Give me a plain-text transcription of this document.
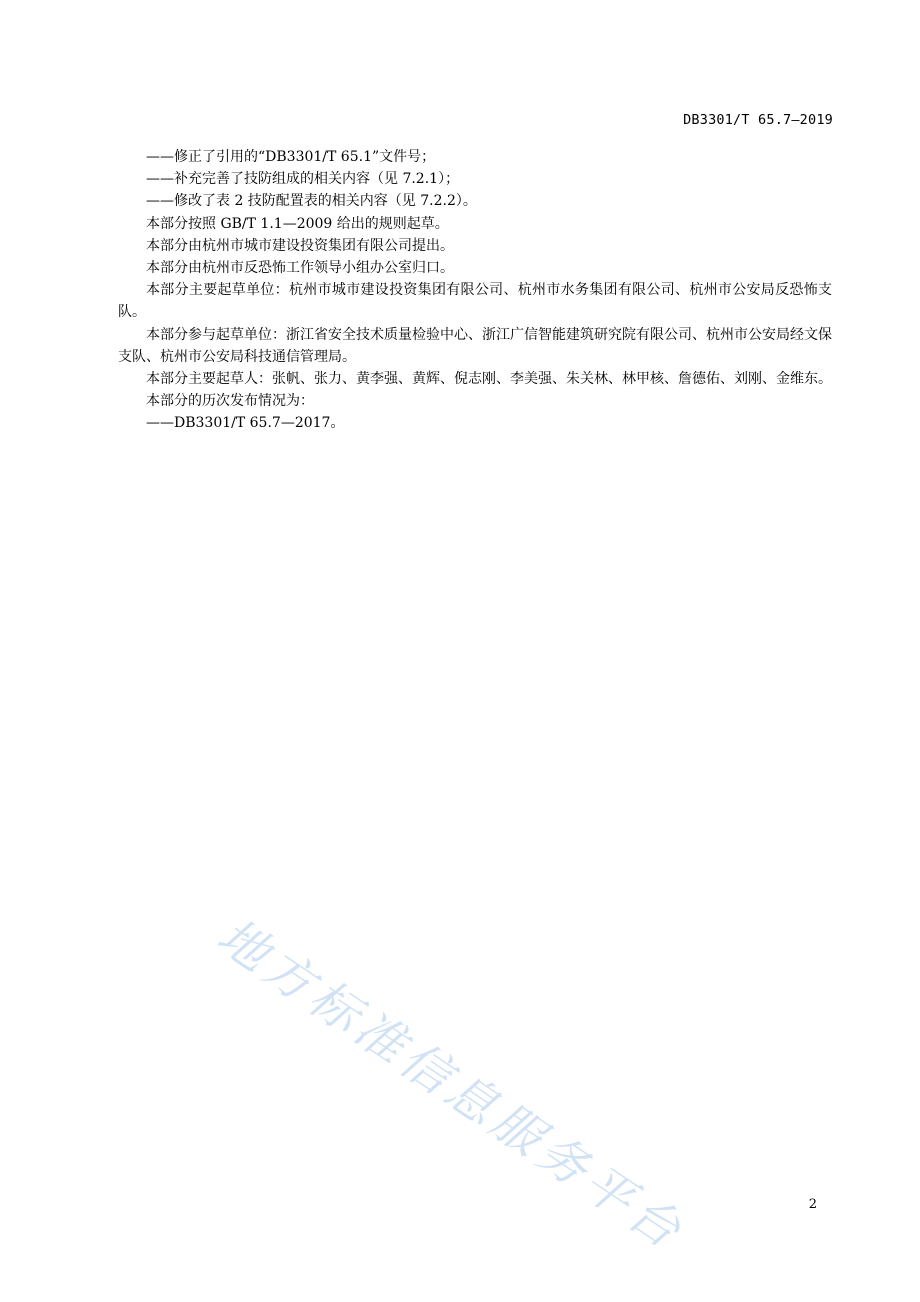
DB3301/T 65.7—2019

——修正了引用的“DB3301/T 65.1”文件号；

——补充完善了技防组成的相关内容（见 7.2.1）；

——修改了表 2 技防配置表的相关内容（见 7.2.2）。

本部分按照 GB/T 1.1—2009 给出的规则起草。

本部分由杭州市城市建设投资集团有限公司提出。

本部分由杭州市反恐怖工作领导小组办公室归口。

本部分主要起草单位：杭州市城市建设投资集团有限公司、杭州市水务集团有限公司、杭州市公安局反恐怖支队。

本部分参与起草单位：浙江省安全技术质量检验中心、浙江广信智能建筑研究院有限公司、杭州市公安局经文保支队、杭州市公安局科技通信管理局。

本部分主要起草人：张帆、张力、黄李强、黄辉、倪志刚、李美强、朱关林、林甲核、詹德佑、刘刚、金维东。

本部分的历次发布情况为：

——DB3301/T 65.7—2017。

地方标准信息服务平台	2
